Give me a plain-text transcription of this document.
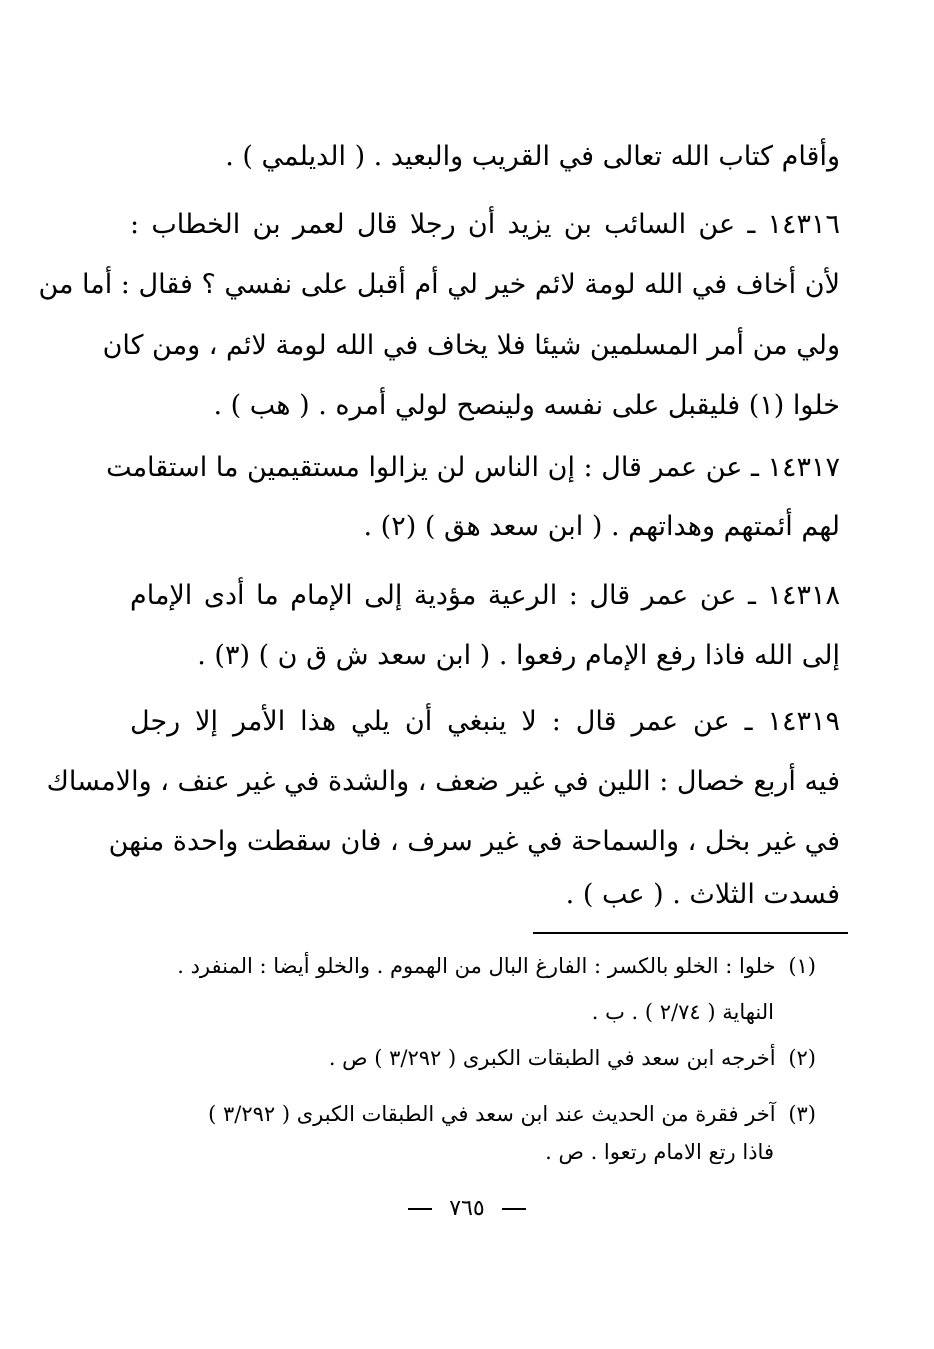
وأقام كتاب الله تعالى في القريب والبعيد . ( الديلمي ) .
١٤٣١٦ ـ عن السائب بن يزيد أن رجلا قال لعمر بن الخطاب :
لأن أخاف في الله لومة لائم خير لي أم أقبل على نفسي ؟ فقال : أما من
ولي من أمر المسلمين شيئا فلا يخاف في الله لومة لائم ، ومن كان
خلوا (١) فليقبل على نفسه ولينصح لولي أمره . ( هب ) .
١٤٣١٧ ـ عن عمر قال : إن الناس لن يزالوا مستقيمين ما استقامت
لهم أئمتهم وهداتهم . ( ابن سعد هق ) (٢) .
١٤٣١٨ ـ عن عمر قال : الرعية مؤدية إلى الإمام ما أدى الإمام
إلى الله فاذا رفع الإمام رفعوا . ( ابن سعد ش ق ن ) (٣) .
١٤٣١٩ ـ عن عمر قال : لا ينبغي أن يلي هذا الأمر إلا رجل
فيه أربع خصال : اللين في غير ضعف ، والشدة في غير عنف ، والامساك
في غير بخل ، والسماحة في غير سرف ، فان سقطت واحدة منهن
فسدت الثلاث . ( عب ) .
(١) خلوا : الخلو بالكسر : الفارغ البال من الهموم . والخلو أيضا : المنفرد .
النهاية ( ٢/٧٤ ) . ب .
(٢) أخرجه ابن سعد في الطبقات الكبرى ( ٣/٢٩٢ ) ص .
(٣) آخر فقرة من الحديث عند ابن سعد في الطبقات الكبرى ( ٣/٢٩٢ )
فاذا رتع الامام رتعوا . ص .
٧٦٥
